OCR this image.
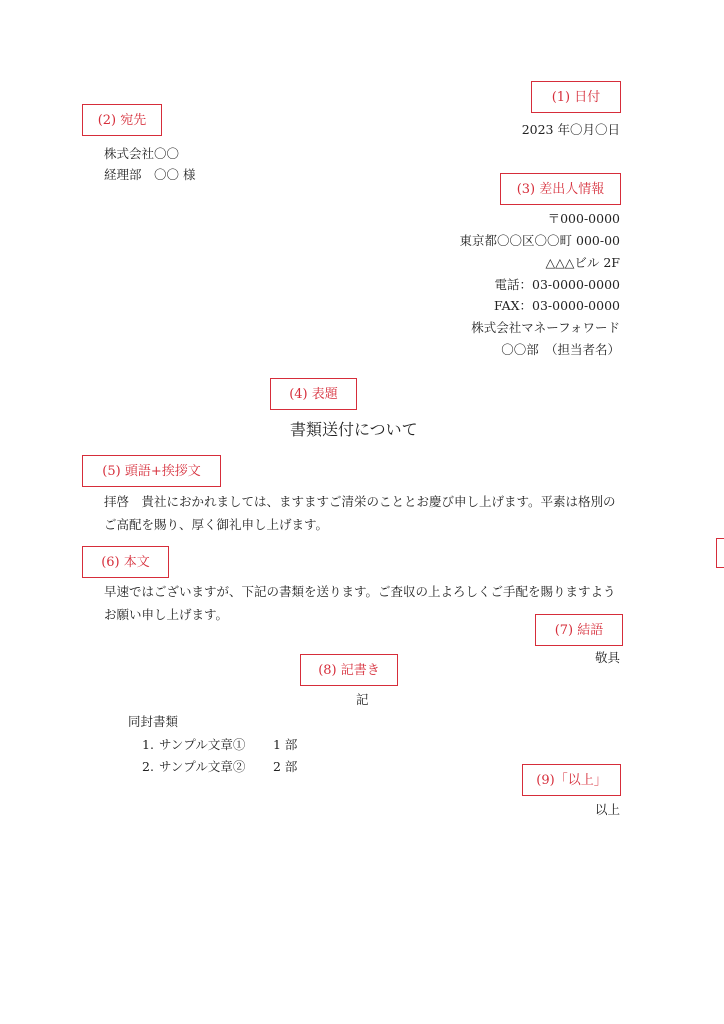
(1) 日付
2023 年〇月〇日
(2) 宛先
株式会社〇〇
経理部　〇〇 様
(3) 差出人情報
〒000-0000
東京都〇〇区〇〇町 000-00
△△△ビル 2F
電話：03-0000-0000
FAX：03-0000-0000
株式会社マネーフォワード
〇〇部　（担当者名）
(4) 表題
書類送付について
(5) 頭語+挨拶文
拝啓　貴社におかれましては、ますますご清栄のこととお慶び申し上げます。平素は格別の
ご高配を賜り、厚く御礼申し上げます。
(6) 本文
早速ではございますが、下記の書類を送ります。ご査収の上よろしくご手配を賜りますよう
お願い申し上げます。
(7) 結語
敬具
(8) 記書き
記
同封書類
1. サンプル文章① 1 部
2. サンプル文章② 2 部
(9)「以上」
以上
